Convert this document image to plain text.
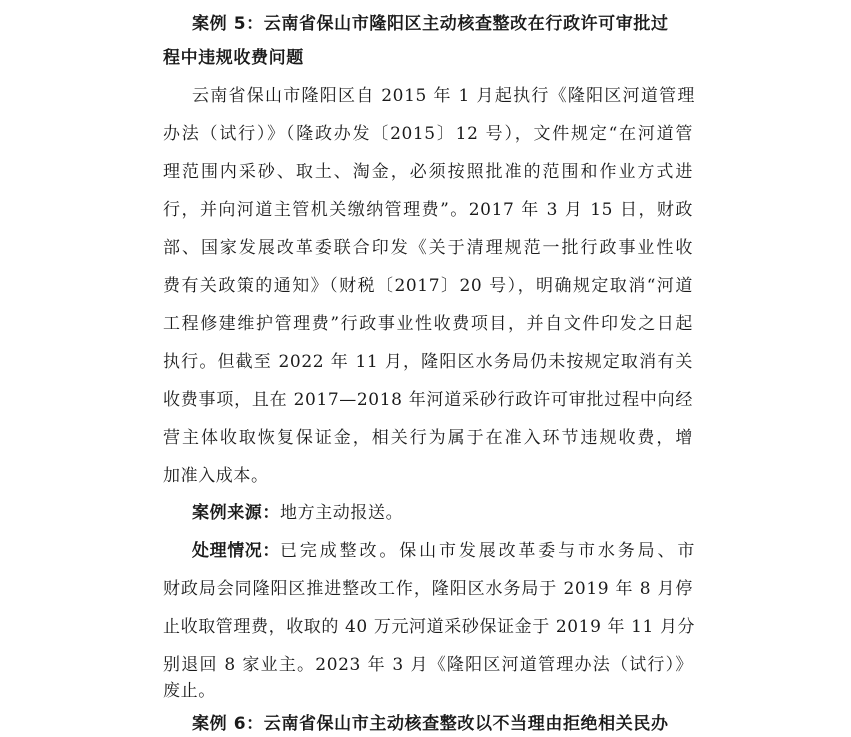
案例 5：云南省保山市隆阳区主动核查整改在行政许可审批过
程中违规收费问题
云南省保山市隆阳区自 2015 年 1 月起执行《隆阳区河道管理
办法（试行）》（隆政办发〔2015〕12 号），文件规定“在河道管
理范围内采砂、取土、淘金，必须按照批准的范围和作业方式进
行，并向河道主管机关缴纳管理费”。2017 年 3 月 15 日，财政
部、国家发展改革委联合印发《关于清理规范一批行政事业性收
费有关政策的通知》（财税〔2017〕20 号），明确规定取消“河道
工程修建维护管理费”行政事业性收费项目，并自文件印发之日起
执行。但截至 2022 年 11 月，隆阳区水务局仍未按规定取消有关
收费事项，且在 2017—2018 年河道采砂行政许可审批过程中向经
营主体收取恢复保证金，相关行为属于在准入环节违规收费，增
加准入成本。
案例来源：地方主动报送。
处理情况： 已完成整改。保山市发展改革委与市水务局、市
财政局会同隆阳区推进整改工作，隆阳区水务局于 2019 年 8 月停
止收取管理费，收取的 40 万元河道采砂保证金于 2019 年 11 月分
别退回 8 家业主。2023 年 3 月《隆阳区河道管理办法（试行）》
废止。
案例 6：云南省保山市主动核查整改以不当理由拒绝相关民办
